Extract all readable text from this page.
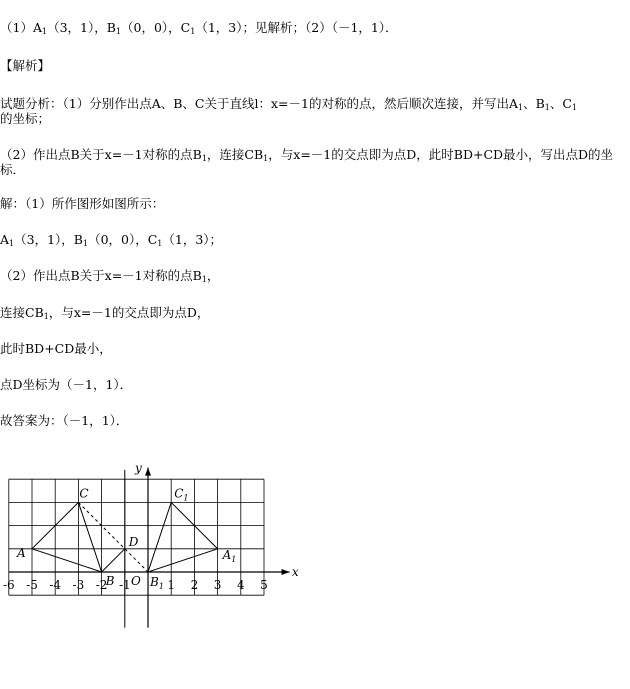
$(1)A_1(3$，1），$B_1(0$，0），$C_1(1$，3）；见解析；（2）（－1，1）．
【解析】
试题分析：（1）分别作出点A、B、C关于直线l：x=－1的对称的点，然后顺次连接，并写出$A_1$、$B_1$、$C_1$
的坐标；
（2）作出点B关于x=－1对称的点$B_1$，连接$CB_1$，与x=－1的交点即为点D，此时BD+CD最小，写出点D的坐
标．
解：（1）所作图形如图所示：
$A_1(3$，1），$B_1(0$，0），$C_1(1$，3）；
（2）作出点B关于x=－1对称的点$B_1$，
连接$CB_1$，与x=－1的交点即为点D，
此时BD+CD最小，
点D坐标为（－1，1）．
故答案为：（－1，1）．
-6 -5 -4 -3 -2 -1	1 2 3 4 5
x
y
O
A
B
C
D
$A_1$
$B_1$
$C_1$
